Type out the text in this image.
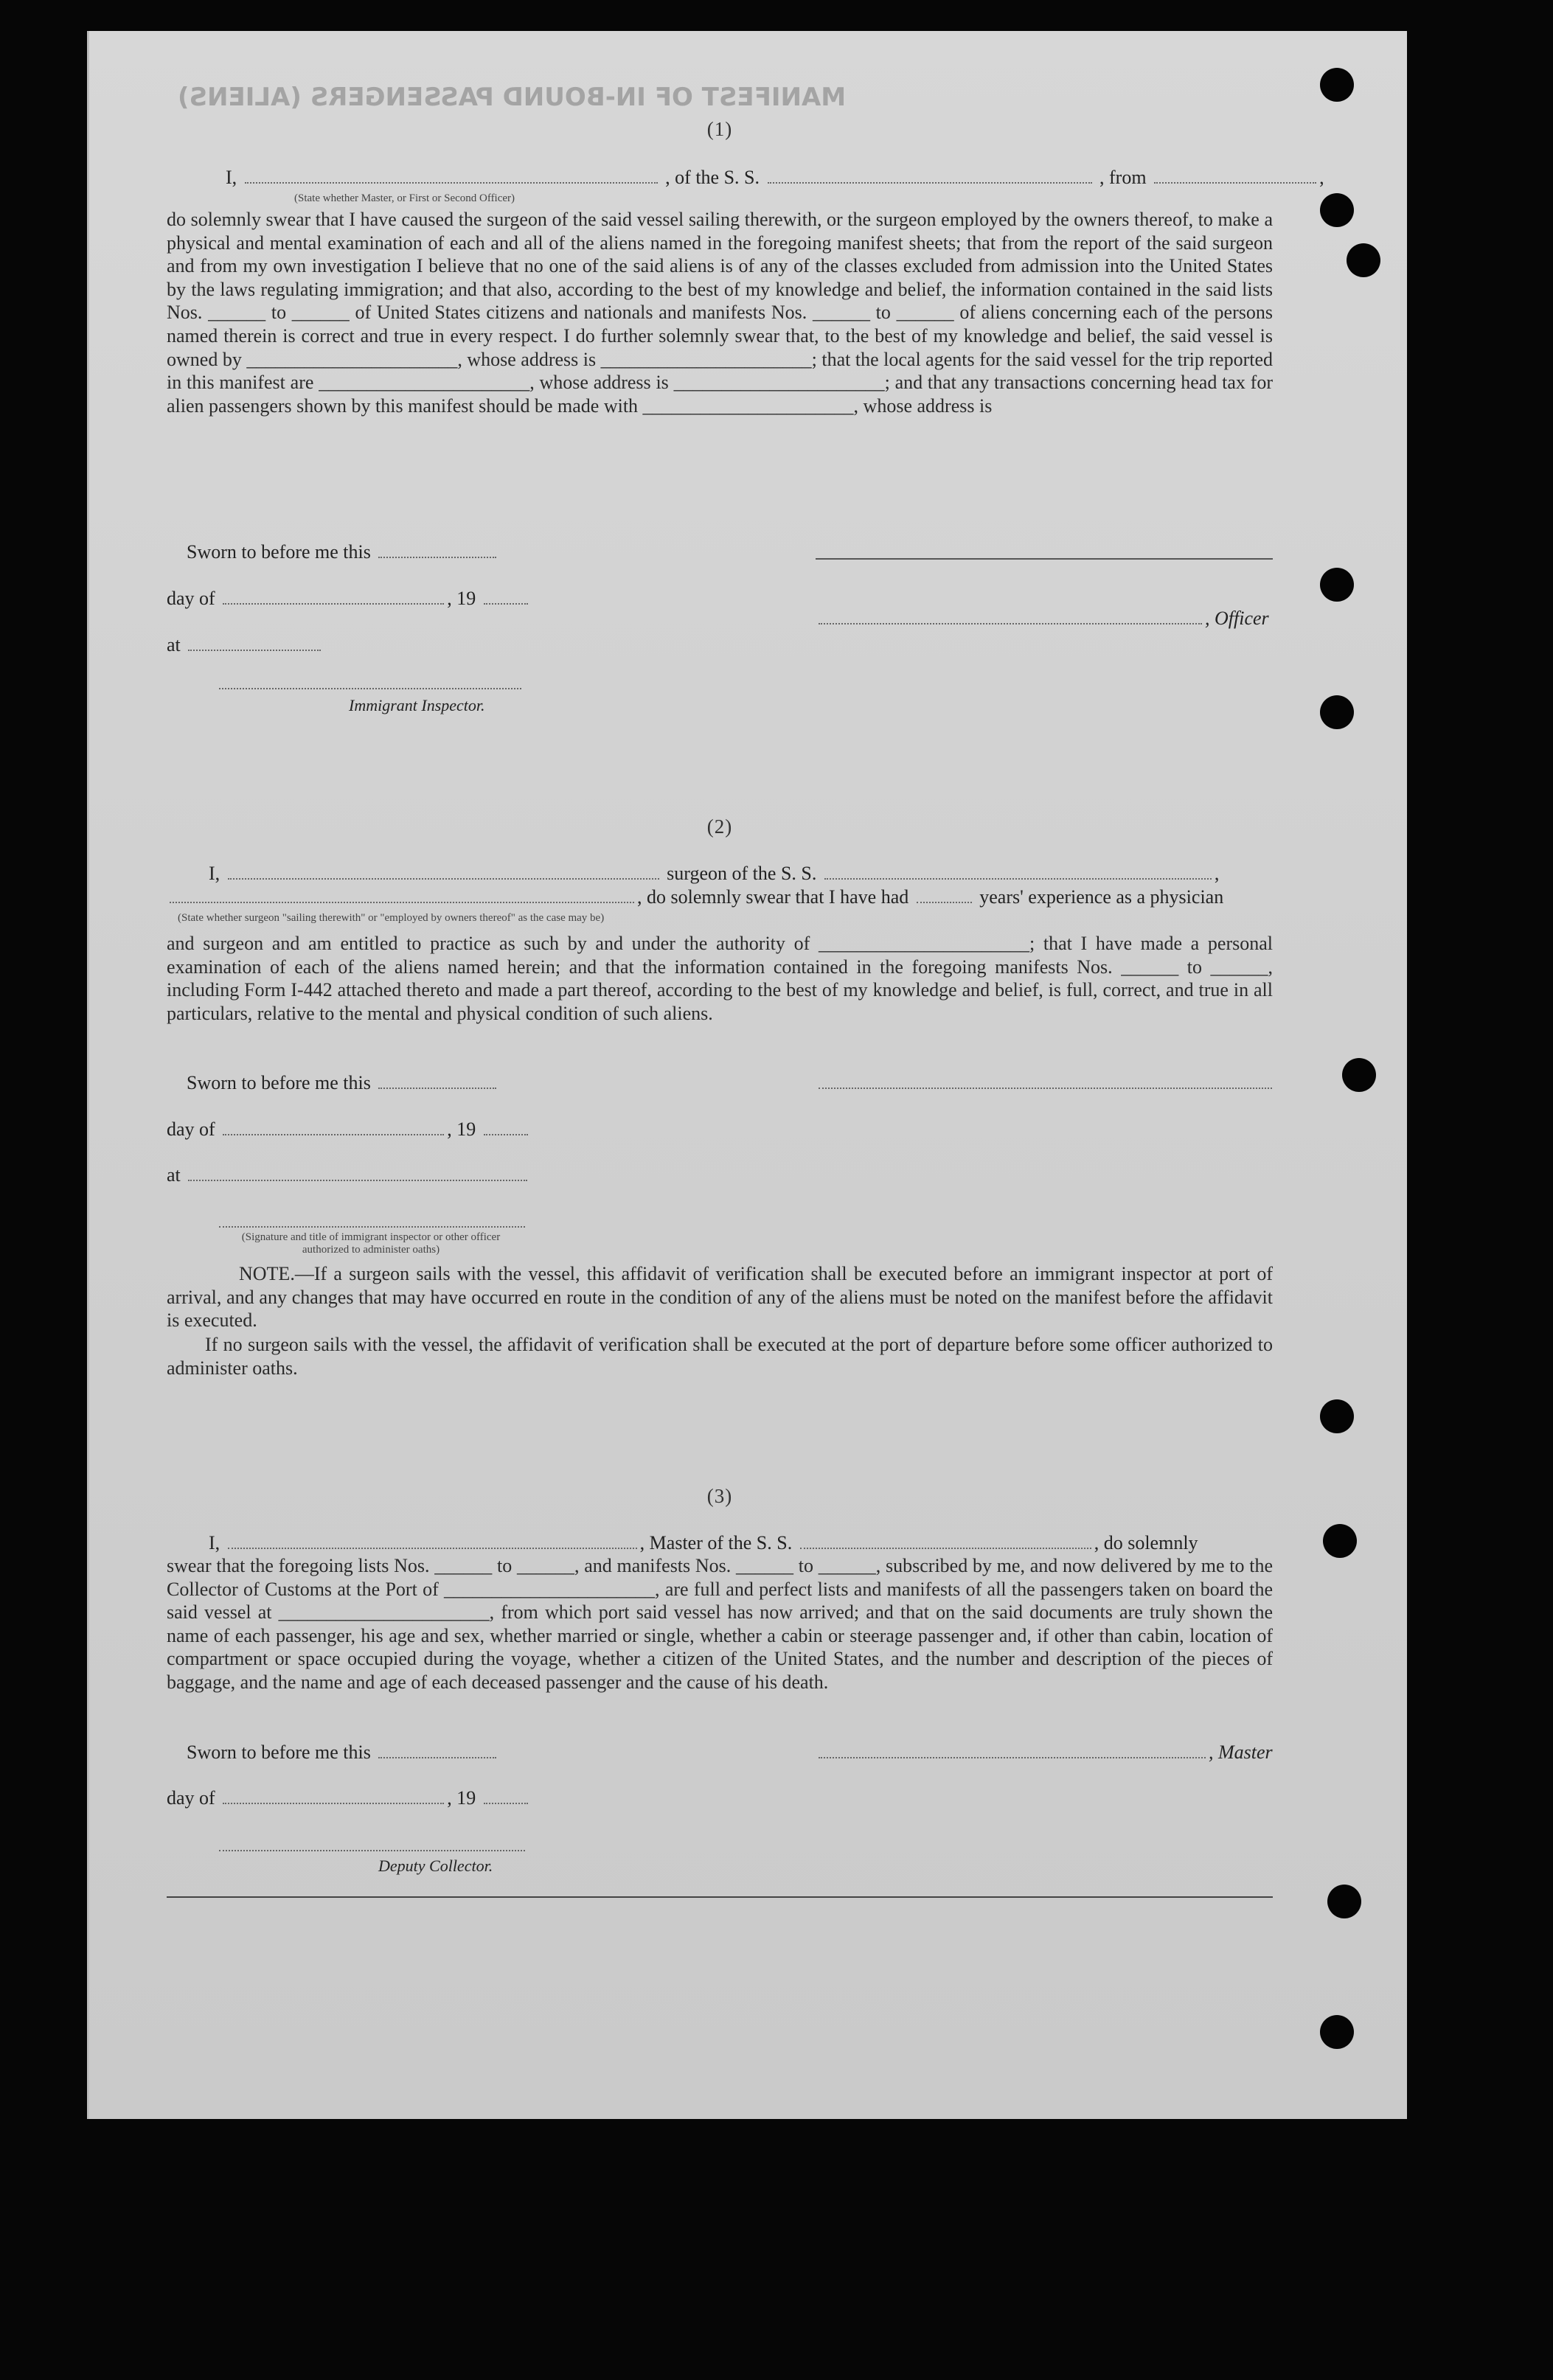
MANIFEST OF IN-BOUND PASSENGERS (ALIENS)
(1)
I,	, of the S. S.	, from	,
(State whether Master, or First or Second Officer)
do solemnly swear that I have caused the surgeon of the said vessel sailing therewith, or the surgeon employed by the owners thereof, to make a physical and mental examination of each and all of the aliens named in the foregoing manifest sheets; that from the report of the said surgeon and from my own investigation I believe that no one of the said aliens is of any of the classes excluded from admission into the United States by the laws regulating immigration; and that also, according to the best of my knowledge and belief, the information contained in the said lists Nos. ______ to ______ of United States citizens and nationals and manifests Nos. ______ to ______ of aliens concerning each of the persons named therein is correct and true in every respect. I do further solemnly swear that, to the best of my knowledge and belief, the said vessel is owned by ______________________, whose address is ______________________; that the local agents for the said vessel for the trip reported in this manifest are ______________________, whose address is ______________________; and that any transactions concerning head tax for alien passengers shown by this manifest should be made with ______________________, whose address is
Sworn to before me this
day of	, 19
, Officer
at
Immigrant Inspector.
(2)
I,	surgeon of the S. S.	,
, do solemnly swear that I have had	years' experience as a physician
(State whether surgeon "sailing therewith" or "employed by owners thereof" as the case may be)
and surgeon and am entitled to practice as such by and under the authority of ______________________; that I have made a personal examination of each of the aliens named herein; and that the information contained in the foregoing manifests Nos. ______ to ______, including Form I-442 attached thereto and made a part thereof, according to the best of my knowledge and belief, is full, correct, and true in all particulars, relative to the mental and physical condition of such aliens.
Sworn to before me this
day of	, 19
at
(Signature and title of immigrant inspector or other officer authorized to administer oaths)
NOTE.—If a surgeon sails with the vessel, this affidavit of verification shall be executed before an immigrant inspector at port of arrival, and any changes that may have occurred en route in the condition of any of the aliens must be noted on the manifest before the affidavit is executed.
If no surgeon sails with the vessel, the affidavit of verification shall be executed at the port of departure before some officer authorized to administer oaths.
(3)
I,	, Master of the S. S.	, do solemnly
swear that the foregoing lists Nos. ______ to ______, and manifests Nos. ______ to ______, subscribed by me, and now delivered by me to the Collector of Customs at the Port of ______________________, are full and perfect lists and manifests of all the passengers taken on board the said vessel at ______________________, from which port said vessel has now arrived; and that on the said documents are truly shown the name of each passenger, his age and sex, whether married or single, whether a cabin or steerage passenger and, if other than cabin, location of compartment or space occupied during the voyage, whether a citizen of the United States, and the number and description of the pieces of baggage, and the name and age of each deceased passenger and the cause of his death.
Sworn to before me this	, Master
day of	, 19
Deputy Collector.
